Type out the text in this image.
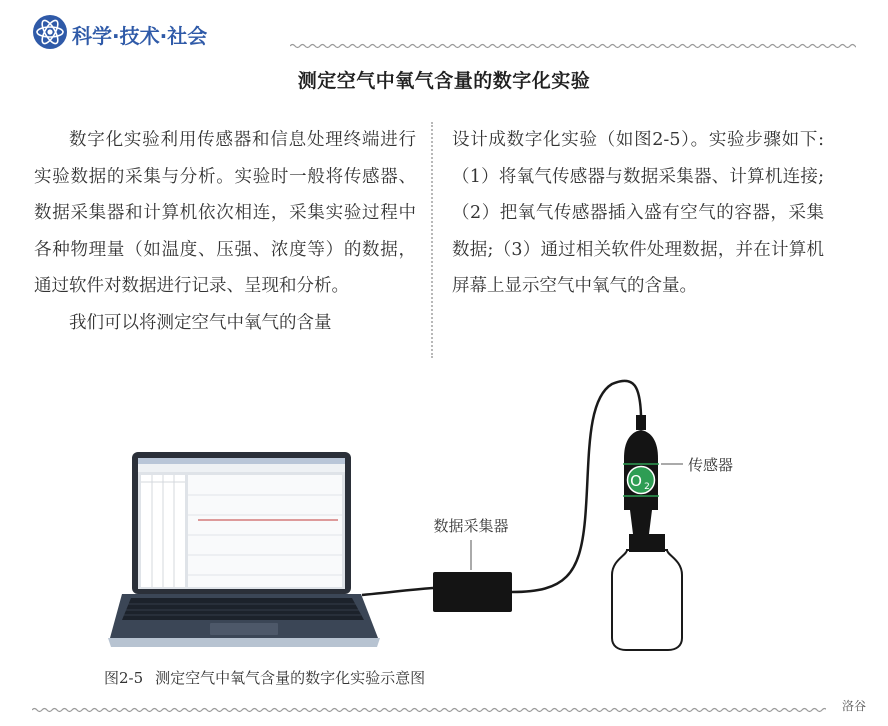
科学·技术·社会
测定空气中氧气含量的数字化实验

数字化实验利用传感器和信息处理终端进行实验数据的采集与分析。实验时一般将传感器、数据采集器和计算机依次相连，采集实验过程中各种物理量（如温度、压强、浓度等）的数据，通过软件对数据进行记录、呈现和分析。

我们可以将测定空气中氧气的含量

设计成数字化实验（如图2-5）。实验步骤如下:（1）将氧气传感器与数据采集器、计算机连接;（2）把氧气传感器插入盛有空气的容器，采集数据;（3）通过相关软件处理数据，并在计算机屏幕上显示空气中氧气的含量。

数据采集器
O 2
传感器
图2-5 测定空气中氧气含量的数字化实验示意图
洛谷
